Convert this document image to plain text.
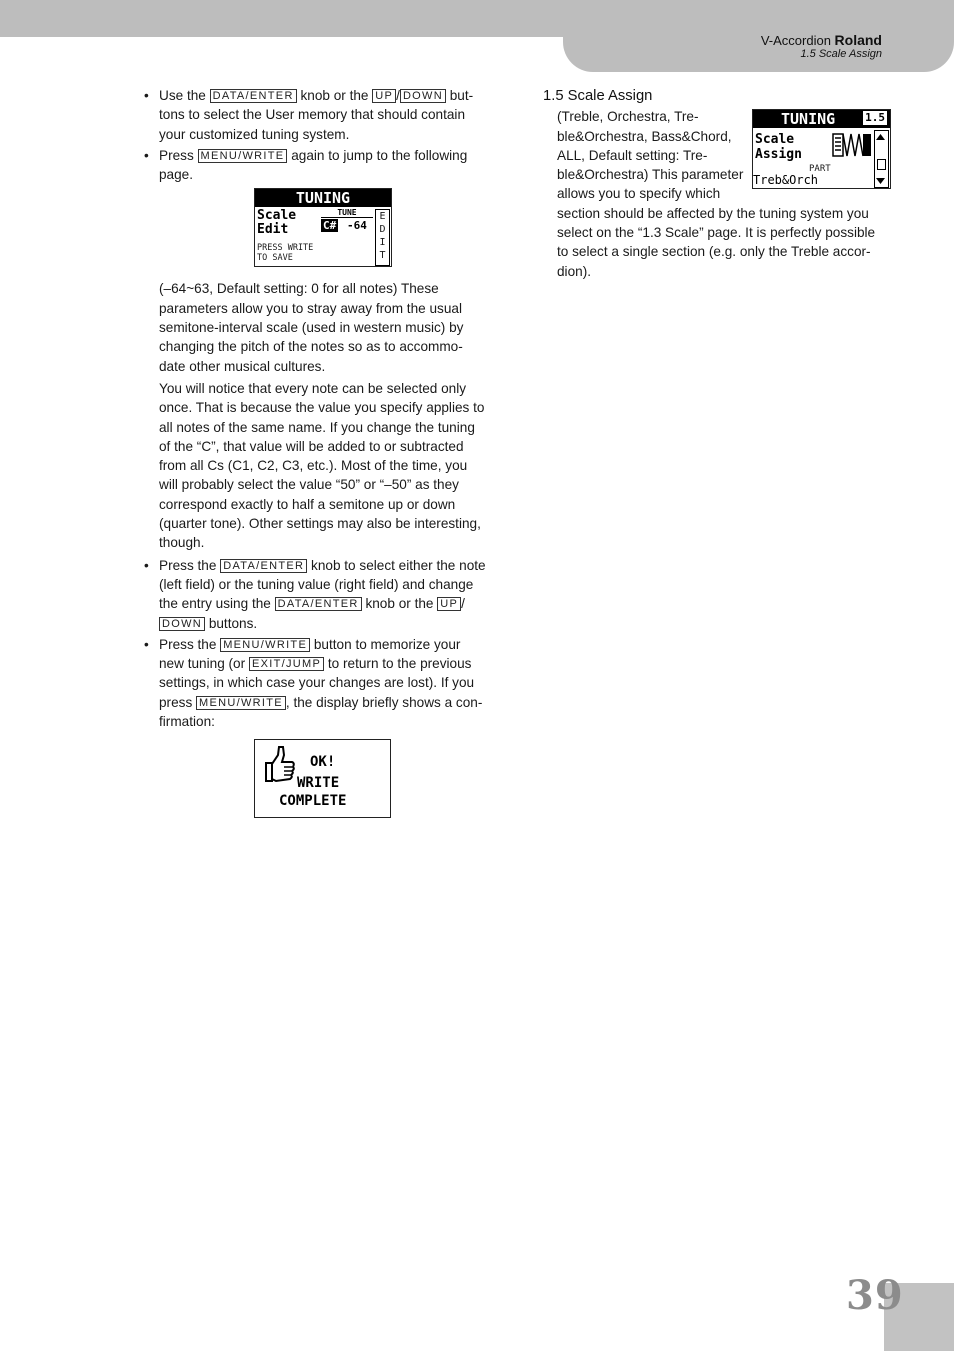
V-Accordion Roland
1.5 Scale Assign
• Use the DATA/ENTER knob or the UP / DOWN but-tons to select the User memory that should contain your customized tuning system.
• Press MENU/WRITE again to jump to the following page.
TUNING
Scale
Edit
TUNE
C# -64
E
D
I
T
PRESS WRITE
TO SAVE
(–64~63, Default setting: 0 for all notes) These parameters allow you to stray away from the usual semitone-interval scale (used in western music) by changing the pitch of the notes so as to accommo-date other musical cultures.
You will notice that every note can be selected only once. That is because the value you specify applies to all notes of the same name. If you change the tuning of the “C”, that value will be added to or subtracted from all Cs (C1, C2, C3, etc.). Most of the time, you will probably select the value “50” or “–50” as they correspond exactly to half a semitone up or down (quarter tone). Other settings may also be interesting, though.
• Press the DATA/ENTER knob to select either the note (left field) or the tuning value (right field) and change the entry using the DATA/ENTER knob or the UP / DOWN buttons.
• Press the MENU/WRITE button to memorize your new tuning (or EXIT/JUMP to return to the previous settings, in which case your changes are lost). If you press MENU/WRITE , the display briefly shows a con-firmation:
OK!
WRITE
COMPLETE
1.5 Scale Assign
TUNING	1.5
Scale
Assign
PART
Treb&Orch
(Treble, Orchestra, Tre-ble&Orchestra, Bass&Chord, ALL, Default setting: Tre-ble&Orchestra) This parameter allows you to specify which section should be affected by the tuning system you select on the “1.3 Scale” page. It is perfectly possible to select a single section (e.g. only the Treble accor-dion).
39
